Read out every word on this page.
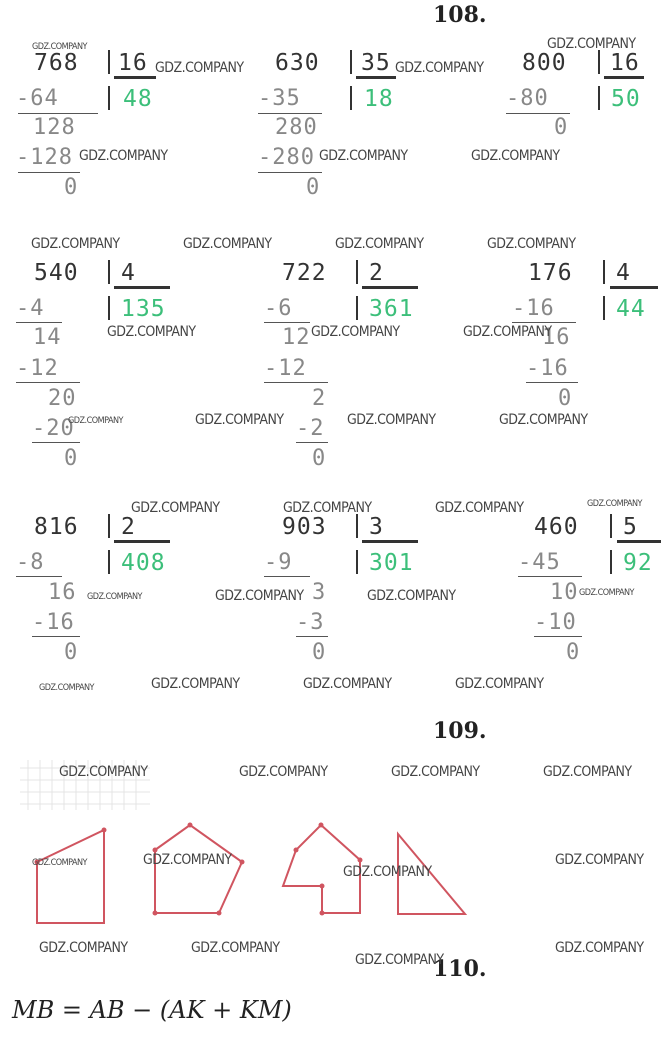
108.
109.
110.
768 16
48
-64
128
-128
0
630 35
18
-35
280
-280
0
800 16
50
-80
0
540 4
135
-4
14
-12
20
-20
0
722 2
361
-6
12
-12
2
-2
0
176 4
44
-16
16
-16
0
816 2
408
-8
16
-16
0
903 3
301
-9
3
-3
0
460 5
92
-45
10
-10
0
MB = AB − (AK + KM)
GDZ.COMPANY
GDZ.COMPANY	GDZ.COMPANY
GDZ.COMPANY
GDZ.COMPANY	GDZ.COMPANY	GDZ.COMPANY
GDZ.COMPANY	GDZ.COMPANY	GDZ.COMPANY	GDZ.COMPANY
GDZ.COMPANY	GDZ.COMPANY	GDZ.COMPANY
GDZ.COMPANY	GDZ.COMPANY	GDZ.COMPANY	GDZ.COMPANY
GDZ.COMPANY	GDZ.COMPANY	GDZ.COMPANY	GDZ.COMPANY
GDZ.COMPANY	GDZ.COMPANY	GDZ.COMPANY	GDZ.COMPANY
GDZ.COMPANY	GDZ.COMPANY	GDZ.COMPANY	GDZ.COMPANY
GDZ.COMPANY	GDZ.COMPANY	GDZ.COMPANY	GDZ.COMPANY
GDZ.COMPANY	GDZ.COMPANY
GDZ.COMPANY
GDZ.COMPANY
GDZ.COMPANY	GDZ.COMPANY
GDZ.COMPANY
GDZ.COMPANY
